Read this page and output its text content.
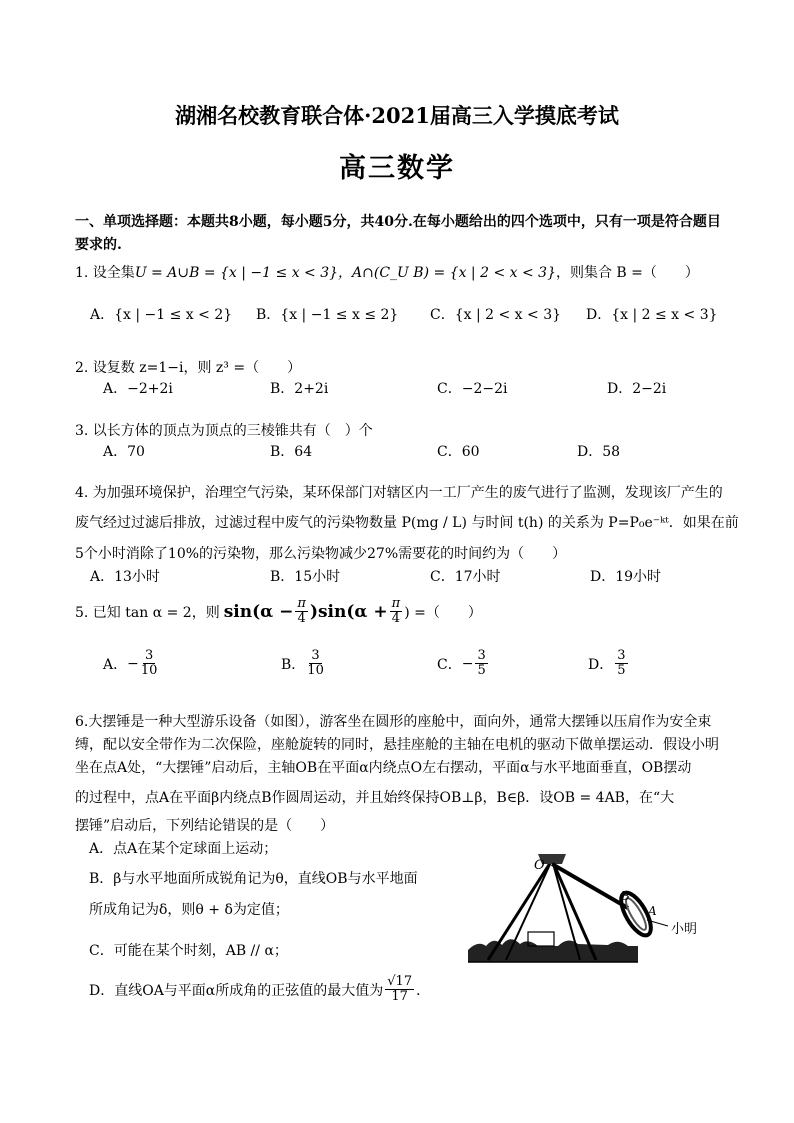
湖湘名校教育联合体·2021届高三入学摸底考试
高三数学
一、单项选择题：本题共8小题，每小题5分，共40分.在每小题给出的四个选项中，只有一项是符合题目要求的.
1. 设全集U = A∪B = {x | −1 ≤ x < 3}，A∩(C_U B) = {x | 2 < x < 3}，则集合 B =（　　）
A．{x | −1 ≤ x < 2} B．{x | −1 ≤ x ≤ 2} C．{x | 2 < x < 3} D．{x | 2 ≤ x < 3}
2. 设复数 z=1−i，则 z³ =（　　）
A．−2+2i	B．2+2i	C．−2−2i	D．2−2i
3. 以长方体的顶点为顶点的三棱锥共有（　）个
A．70	B．64	C．60	D．58
4. 为加强环境保护，治理空气污染，某环保部门对辖区内一工厂产生的废气进行了监测，发现该厂产生的
废气经过过滤后排放，过滤过程中废气的污染物数量 P(mg / L) 与时间 t(h) 的关系为 P=P₀e⁻ᵏᵗ．如果在前
5个小时消除了10%的污染物，那么污染物减少27%需要花的时间约为（　　）
A．13小时	B．15小时	C．17小时	D．19小时
5. 已知 tan α = 2，则 $\sin(\alpha - \frac{\pi}{4} )\sin(\alpha + \frac{\pi}{4}$ ) =（　　）
A． − $\frac{3}{10}$	B． $\frac{3}{10}$	C． − $\frac{3}{5}$	D． $\frac{3}{5}$
6.大摆锤是一种大型游乐设备（如图），游客坐在圆形的座舱中，面向外，通常大摆锤以压肩作为安全束
缚，配以安全带作为二次保险，座舱旋转的同时，悬挂座舱的主轴在电机的驱动下做单摆运动．假设小明
坐在点A处，“大摆锤”启动后，主轴OB在平面α内绕点O左右摆动，平面α与水平地面垂直，OB摆动
的过程中，点A在平面β内绕点B作圆周运动，并且始终保持OB⊥β，B∈β．设OB = 4AB，在“大
摆锤”启动后，下列结论错误的是（　　）
A．点A在某个定球面上运动；
B．β与水平地面所成锐角记为θ，直线OB与水平地面
所成角记为δ，则θ + δ为定值；
C．可能在某个时刻，AB // α；
D．直线OA与平面α所成角的正弦值的最大值为 $\frac{√17}{17}$ ．
O
B
A
小明
